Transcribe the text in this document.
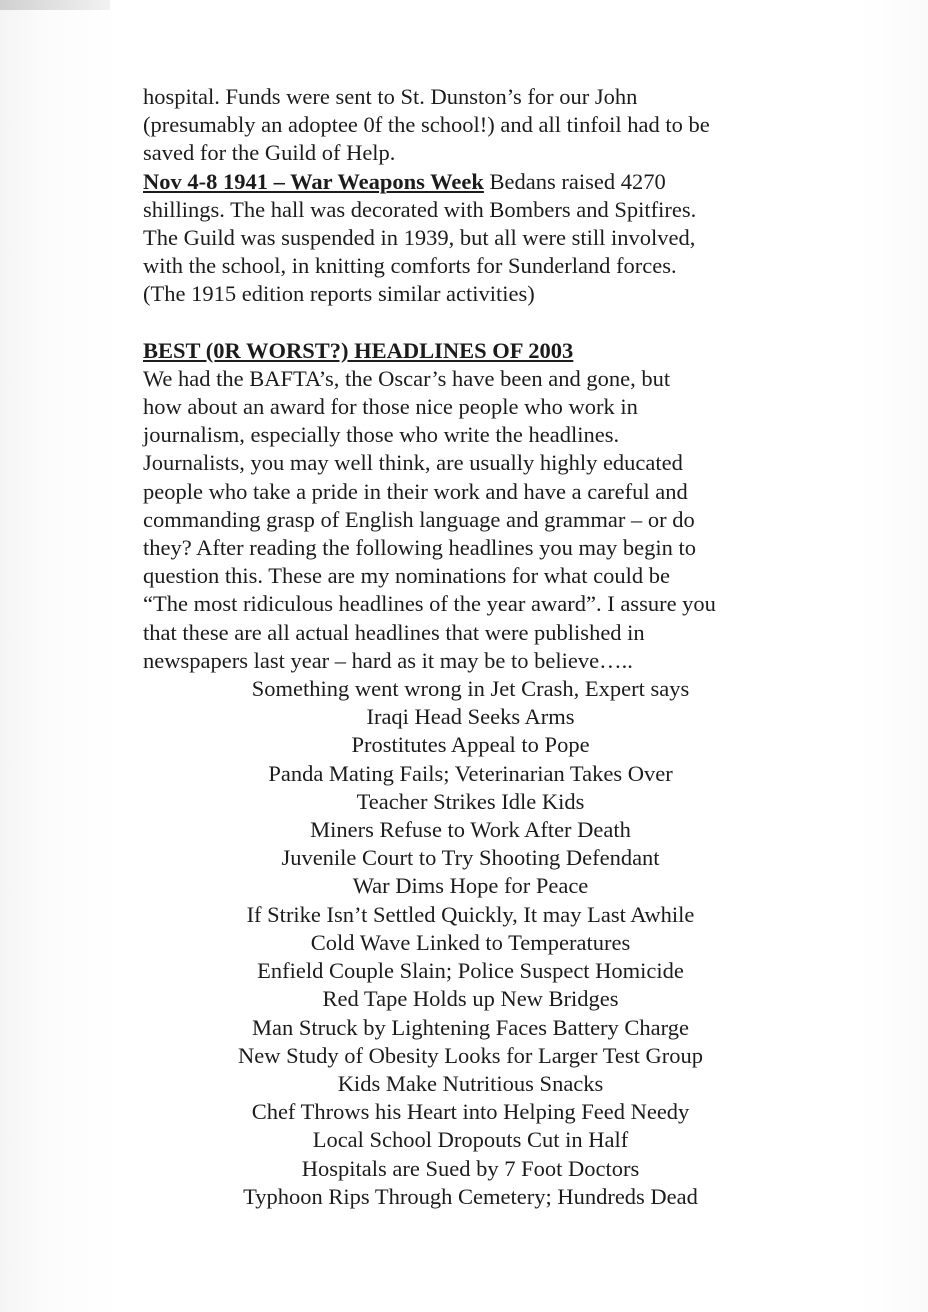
hospital. Funds were sent to St. Dunston’s for our John
(presumably an adoptee 0f the school!) and all tinfoil had to be
saved for the Guild of Help.
Nov 4-8 1941 – War Weapons Week Bedans raised 4270
shillings. The hall was decorated with Bombers and Spitfires.
The Guild was suspended in 1939, but all were still involved,
with the school, in knitting comforts for Sunderland forces.
(The 1915 edition reports similar activities)
BEST (0R WORST?) HEADLINES OF 2003
We had the BAFTA’s, the Oscar’s have been and gone, but
how about an award for those nice people who work in
journalism, especially those who write the headlines.
Journalists, you may well think, are usually highly educated
people who take a pride in their work and have a careful and
commanding grasp of English language and grammar – or do
they? After reading the following headlines you may begin to
question this. These are my nominations for what could be
“The most ridiculous headlines of the year award”. I assure you
that these are all actual headlines that were published in
newspapers last year – hard as it may be to believe…..
Something went wrong in Jet Crash, Expert says
Iraqi Head Seeks Arms
Prostitutes Appeal to Pope
Panda Mating Fails; Veterinarian Takes Over
Teacher Strikes Idle Kids
Miners Refuse to Work After Death
Juvenile Court to Try Shooting Defendant
War Dims Hope for Peace
If Strike Isn’t Settled Quickly, It may Last Awhile
Cold Wave Linked to Temperatures
Enfield Couple Slain; Police Suspect Homicide
Red Tape Holds up New Bridges
Man Struck by Lightening Faces Battery Charge
New Study of Obesity Looks for Larger Test Group
Kids Make Nutritious Snacks
Chef Throws his Heart into Helping Feed Needy
Local School Dropouts Cut in Half
Hospitals are Sued by 7 Foot Doctors
Typhoon Rips Through Cemetery; Hundreds Dead
